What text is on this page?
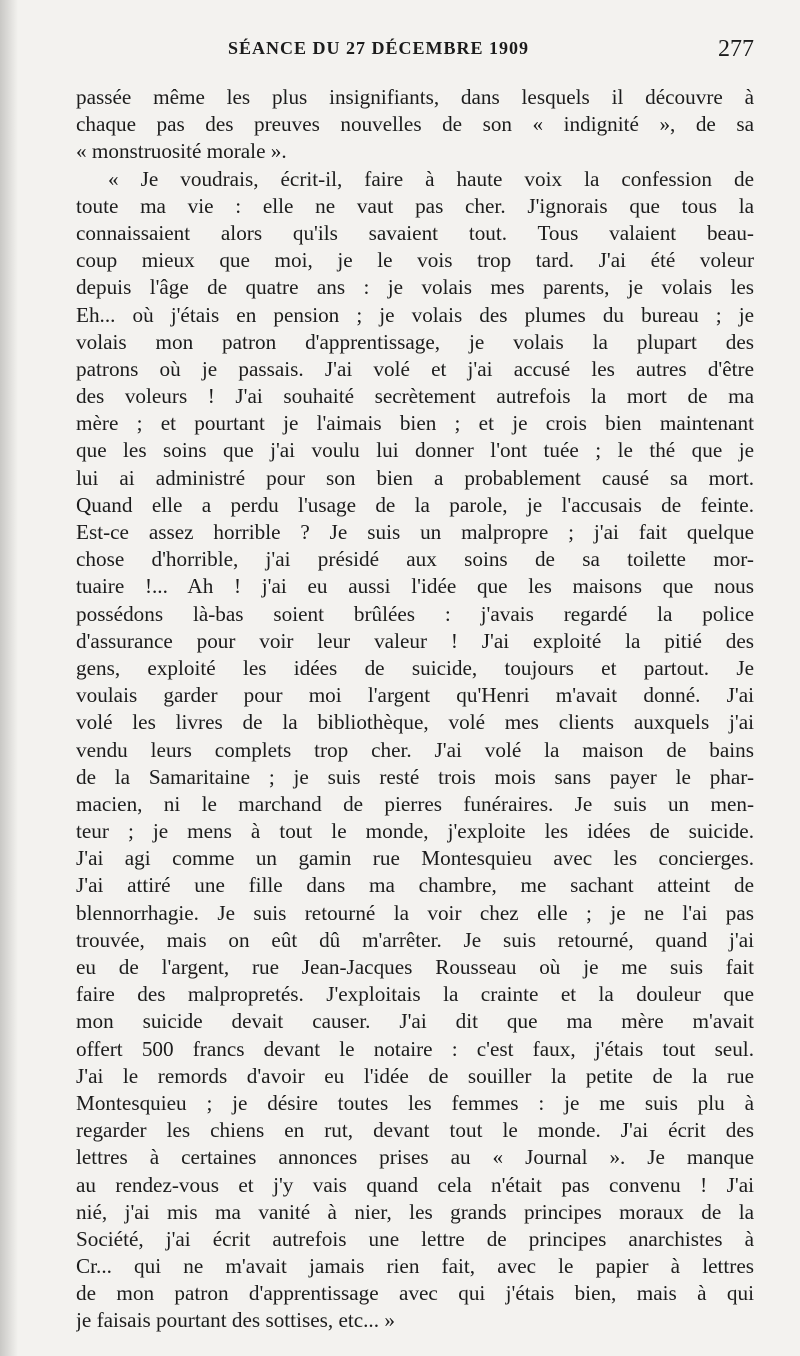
SÉANCE DU 27 DÉCEMBRE 1909	277
passée même les plus insignifiants, dans lesquels il découvre à
chaque pas des preuves nouvelles de son « indignité », de sa
« monstruosité morale ».
« Je voudrais, écrit-il, faire à haute voix la confession de
toute ma vie : elle ne vaut pas cher. J'ignorais que tous la
connaissaient alors qu'ils savaient tout. Tous valaient beau-
coup mieux que moi, je le vois trop tard. J'ai été voleur
depuis l'âge de quatre ans : je volais mes parents, je volais les
Eh... où j'étais en pension ; je volais des plumes du bureau ; je
volais mon patron d'apprentissage, je volais la plupart des
patrons où je passais. J'ai volé et j'ai accusé les autres d'être
des voleurs ! J'ai souhaité secrètement autrefois la mort de ma
mère ; et pourtant je l'aimais bien ; et je crois bien maintenant
que les soins que j'ai voulu lui donner l'ont tuée ; le thé que je
lui ai administré pour son bien a probablement causé sa mort.
Quand elle a perdu l'usage de la parole, je l'accusais de feinte.
Est-ce assez horrible ? Je suis un malpropre ; j'ai fait quelque
chose d'horrible, j'ai présidé aux soins de sa toilette mor-
tuaire !... Ah ! j'ai eu aussi l'idée que les maisons que nous
possédons là-bas soient brûlées : j'avais regardé la police
d'assurance pour voir leur valeur ! J'ai exploité la pitié des
gens, exploité les idées de suicide, toujours et partout. Je
voulais garder pour moi l'argent qu'Henri m'avait donné. J'ai
volé les livres de la bibliothèque, volé mes clients auxquels j'ai
vendu leurs complets trop cher. J'ai volé la maison de bains
de la Samaritaine ; je suis resté trois mois sans payer le phar-
macien, ni le marchand de pierres funéraires. Je suis un men-
teur ; je mens à tout le monde, j'exploite les idées de suicide.
J'ai agi comme un gamin rue Montesquieu avec les concierges.
J'ai attiré une fille dans ma chambre, me sachant atteint de
blennorrhagie. Je suis retourné la voir chez elle ; je ne l'ai pas
trouvée, mais on eût dû m'arrêter. Je suis retourné, quand j'ai
eu de l'argent, rue Jean-Jacques Rousseau où je me suis fait
faire des malpropretés. J'exploitais la crainte et la douleur que
mon suicide devait causer. J'ai dit que ma mère m'avait
offert 500 francs devant le notaire : c'est faux, j'étais tout seul.
J'ai le remords d'avoir eu l'idée de souiller la petite de la rue
Montesquieu ; je désire toutes les femmes : je me suis plu à
regarder les chiens en rut, devant tout le monde. J'ai écrit des
lettres à certaines annonces prises au « Journal ». Je manque
au rendez-vous et j'y vais quand cela n'était pas convenu ! J'ai
nié, j'ai mis ma vanité à nier, les grands principes moraux de la
Société, j'ai écrit autrefois une lettre de principes anarchistes à
Cr... qui ne m'avait jamais rien fait, avec le papier à lettres
de mon patron d'apprentissage avec qui j'étais bien, mais à qui
je faisais pourtant des sottises, etc... »
